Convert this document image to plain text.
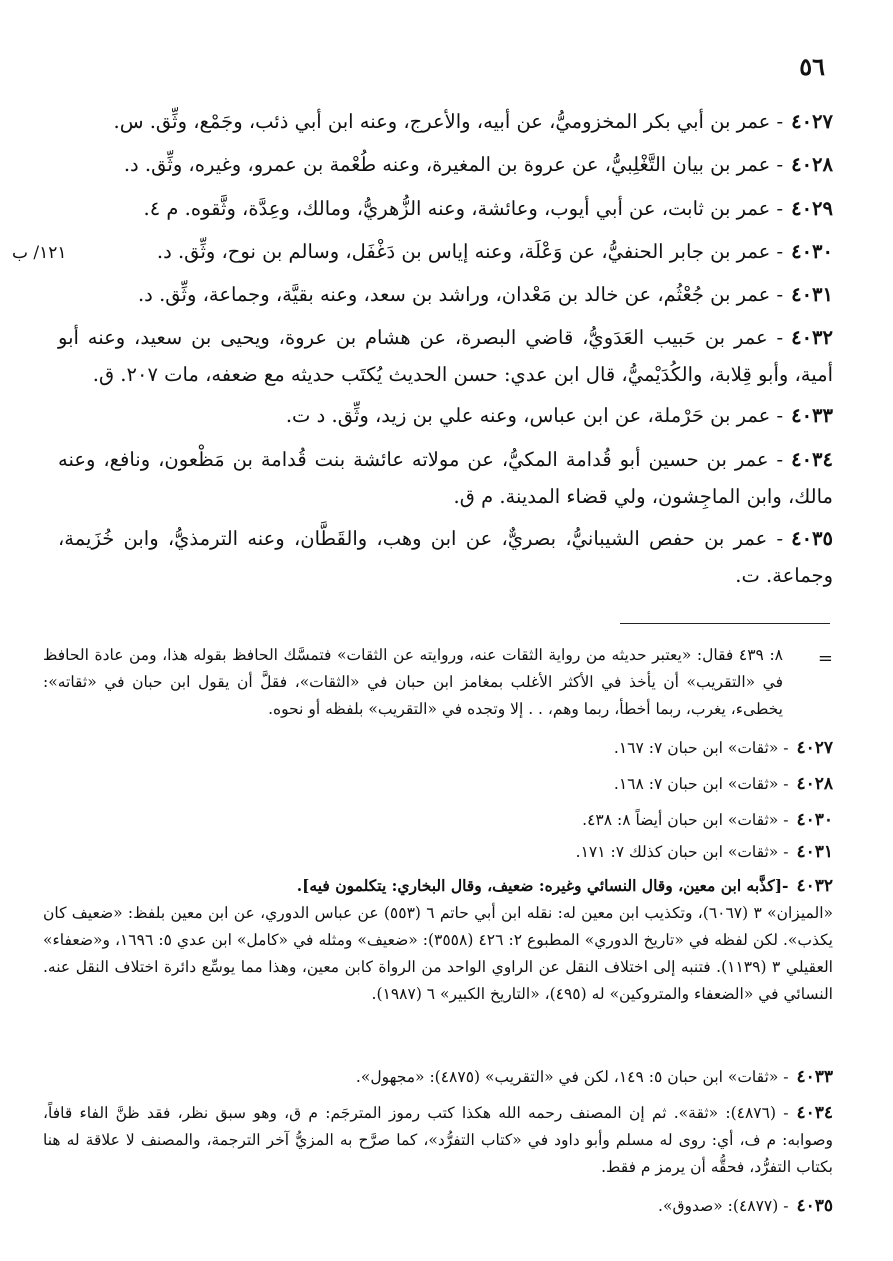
٥٦
١٢١/ ب
٤٠٢٧- عمر بن أبي بكر المخزوميُّ، عن أبيه، والأعرج، وعنه ابن أبي ذئب، وجَمْع، وثِّق. س.
٤٠٢٨- عمر بن بيان التَّغْلِبيُّ، عن عروة بن المغيرة، وعنه طُعْمة بن عمرو، وغيره، وثِّق. د.
٤٠٢٩- عمر بن ثابت، عن أبي أيوب، وعائشة، وعنه الزُّهريُّ، ومالك، وعِدَّة، وثَّقوه. م ٤.
٤٠٣٠- عمر بن جابر الحنفيُّ، عن وَعْلَة، وعنه إياس بن دَغْفَل، وسالم بن نوح، وثِّق. د.
٤٠٣١- عمر بن جُعْثُم، عن خالد بن مَعْدان، وراشد بن سعد، وعنه بقيَّة، وجماعة، وثِّق. د.
٤٠٣٢- عمر بن حَبيب العَدَويُّ، قاضي البصرة، عن هشام بن عروة، ويحيى بن سعيد، وعنه أبو أمية، وأبو قِلابة، والكُدَيْميُّ، قال ابن عدي: حسن الحديث يُكتَب حديثه مع ضعفه، مات ٢٠٧. ق.
٤٠٣٣- عمر بن حَرْملة، عن ابن عباس، وعنه علي بن زيد، وثِّق. د ت.
٤٠٣٤- عمر بن حسين أبو قُدامة المكيُّ، عن مولاته عائشة بنت قُدامة بن مَظْعون، ونافع، وعنه مالك، وابن الماجِشون، ولي قضاء المدينة. م ق.
٤٠٣٥- عمر بن حفص الشيبانيُّ، بصريٌّ، عن ابن وهب، والقَطَّان، وعنه الترمذيُّ، وابن خُزَيمة، وجماعة. ت.
=
٨: ٤٣٩ فقال: «يعتبر حديثه من رواية الثقات عنه، وروايته عن الثقات» فتمسَّك الحافظ بقوله هذا، ومن عادة الحافظ في «التقريب» أن يأخذ في الأكثر الأغلب بمغامز ابن حبان في «الثقات»، فقلَّ أن يقول ابن حبان في «ثقاته»: يخطىء، يغرب، ربما أخطأ، ربما وهم، . . إلا وتجده في «التقريب» بلفظه أو نحوه.
٤٠٢٧- «ثقات» ابن حبان ٧: ١٦٧.
٤٠٢٨- «ثقات» ابن حبان ٧: ١٦٨.
٤٠٣٠- «ثقات» ابن حبان أيضاً ٨: ٤٣٨.
٤٠٣١- «ثقات» ابن حبان كذلك ٧: ١٧١.
٤٠٣٢-[كذَّبه ابن معين، وقال النسائي وغيره: ضعيف، وقال البخاري: يتكلمون فيه].
«الميزان» ٣ (٦٠٦٧)، وتكذيب ابن معين له: نقله ابن أبي حاتم ٦ (٥٥٣) عن عباس الدوري، عن ابن معين بلفظ: «ضعيف كان يكذب». لكن لفظه في «تاريخ الدوري» المطبوع ٢: ٤٢٦ (٣٥٥٨): «ضعيف» ومثله في «كامل» ابن عدي ٥: ١٦٩٦، و«ضعفاء» العقيلي ٣ (١١٣٩). فتنبه إلى اختلاف النقل عن الراوي الواحد من الرواة كابن معين، وهذا مما يوسِّع دائرة اختلاف النقل عنه. النسائي في «الضعفاء والمتروكين» له (٤٩٥)، «التاريخ الكبير» ٦ (١٩٨٧).
٤٠٣٣- «ثقات» ابن حبان ٥: ١٤٩، لكن في «التقريب» (٤٨٧٥): «مجهول».
٤٠٣٤- (٤٨٧٦): «ثقة». ثم إن المصنف رحمه الله هكذا كتب رموز المترجَم: م ق، وهو سبق نظر، فقد ظنَّ الفاء قافاً، وصوابه: م ف، أي: روى له مسلم وأبو داود في «كتاب التفرُّد»، كما صرَّح به المزيُّ آخر الترجمة، والمصنف لا علاقة له هنا بكتاب التفرُّد، فحقُّه أن يرمز م فقط.
٤٠٣٥- (٤٨٧٧): «صدوق».
